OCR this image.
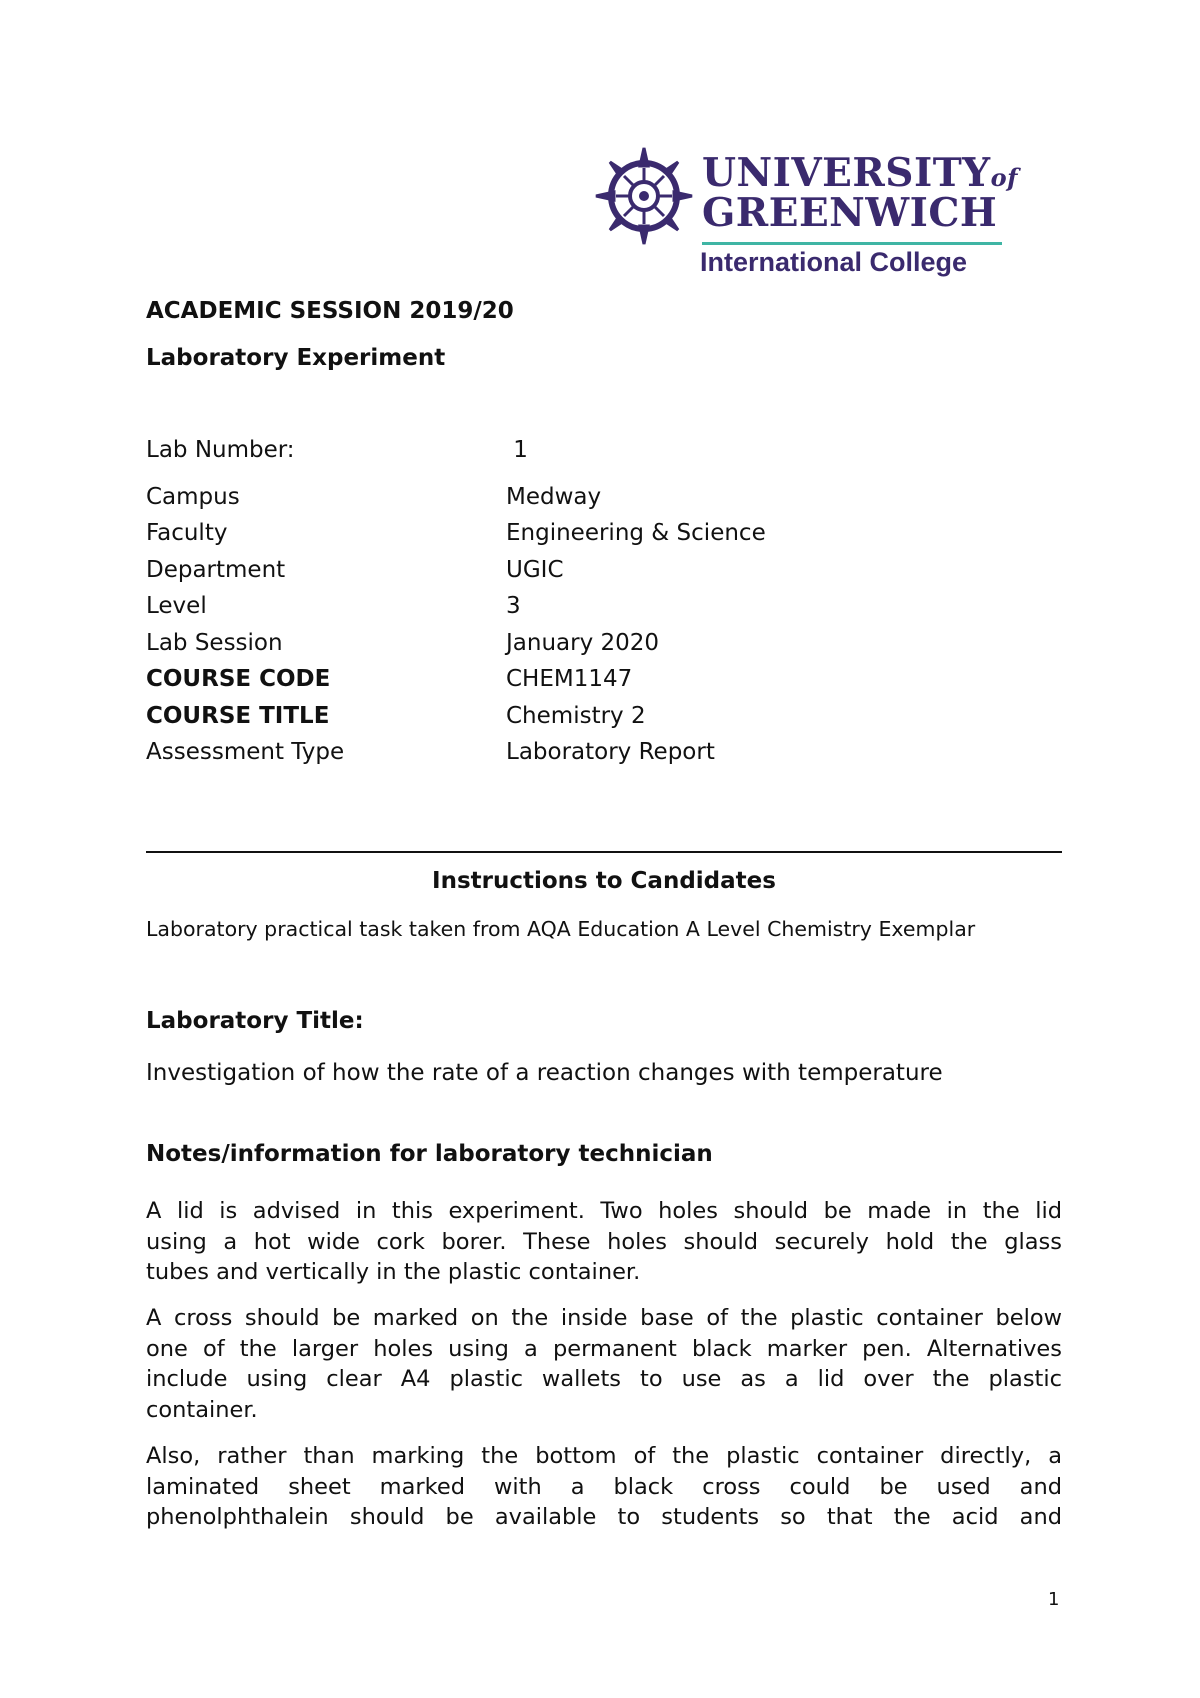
UNIVERSITYof
GREENWICH
International College
ACADEMIC SESSION 2019/20
Laboratory Experiment
Lab Number:	1
Campus	Medway
Faculty	Engineering & Science
Department	UGIC
Level	3
Lab Session	January 2020
COURSE CODE	CHEM1147
COURSE TITLE	Chemistry 2
Assessment Type	Laboratory Report
Instructions to Candidates
Laboratory practical task taken from AQA Education A Level Chemistry Exemplar
Laboratory Title:
Investigation of how the rate of a reaction changes with temperature
Notes/information for laboratory technician
A lid is advised in this experiment. Two holes should be made in the lid
using a hot wide cork borer. These holes should securely hold the glass
tubes and vertically in the plastic container.
A cross should be marked on the inside base of the plastic container below
one of the larger holes using a permanent black marker pen. Alternatives
include using clear A4 plastic wallets to use as a lid over the plastic
container.
Also, rather than marking the bottom of the plastic container directly, a
laminated sheet marked with a black cross could be used and
phenolphthalein should be available to students so that the acid and
1
